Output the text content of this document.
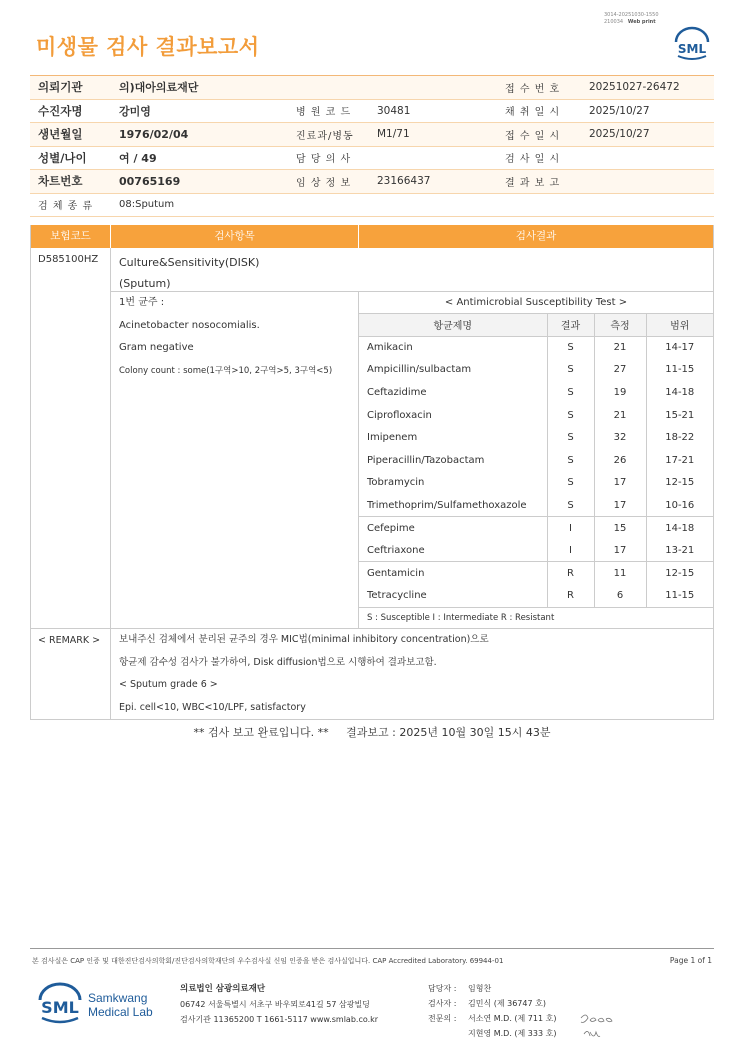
3014-20251030-1550
210034 Web print
미생물 검사 결과보고서	SML
의뢰기관	의)대아의료재단	접 수 번 호	20251027-26472
수진자명	강미영	병 원 코 드	30481	채 취 일 시	2025/10/27
생년월일	1976/02/04	진료과/병동	M1/71	접 수 일 시	2025/10/27
성별/나이	여 / 49	담 당 의 사	검 사 일 시
차트번호	00765169	임 상 정 보	23166437	결 과 보 고
검 체 종 류	08:Sputum
보험코드	검사항목	검사결과
D585100HZ	Culture&Sensitivity(DISK)
(Sputum)
1번 균주 :
Acinetobacter nosocomialis.
Gram negative
Colony count : some(1구역>10, 2구역>5, 3구역<5)
< Antimicrobial Susceptibility Test >
항균제명	결과	측정	범위
Amikacin	S	21	14-17
Ampicillin/sulbactam	S	27	11-15
Ceftazidime	S	19	14-18
Ciprofloxacin	S	21	15-21
Imipenem	S	32	18-22
Piperacillin/Tazobactam	S	26	17-21
Tobramycin	S	17	12-15
Trimethoprim/Sulfamethoxazole	S	17	10-16
Cefepime	I	15	14-18
Ceftriaxone	I	17	13-21
Gentamicin	R	11	12-15
Tetracycline	R	6	11-15
S : Susceptible I : Intermediate R : Resistant
< REMARK >	보내주신 검체에서 분리된 균주의 경우 MIC법(minimal inhibitory concentration)으로
항균제 감수성 검사가 불가하여, Disk diffusion법으로 시행하여 결과보고함.
< Sputum grade 6 >
Epi. cell<10, WBC<10/LPF, satisfactory
** 검사 보고 완료입니다. ** 결과보고 : 2025년 10월 30일 15시 43분
본 검사실은 CAP 인증 및 대한진단검사의학회/진단검사의학재단의 우수검사실 신임 인증을 받은 검사실입니다. CAP Accredited Laboratory. 69944-01	Page 1 of 1
SML Samkwang
Medical Lab
의료법인 삼광의료재단
06742 서울특별시 서초구 바우뫼로41길 57 삼광빌딩
검사기관 11365200 T 1661-5117 www.smlab.co.kr
담당자 :	임형찬
검사자 :	김민식 (제 36747 호)
전문의 :	서소연 M.D. (제 711 호)
지현영 M.D. (제 333 호)
